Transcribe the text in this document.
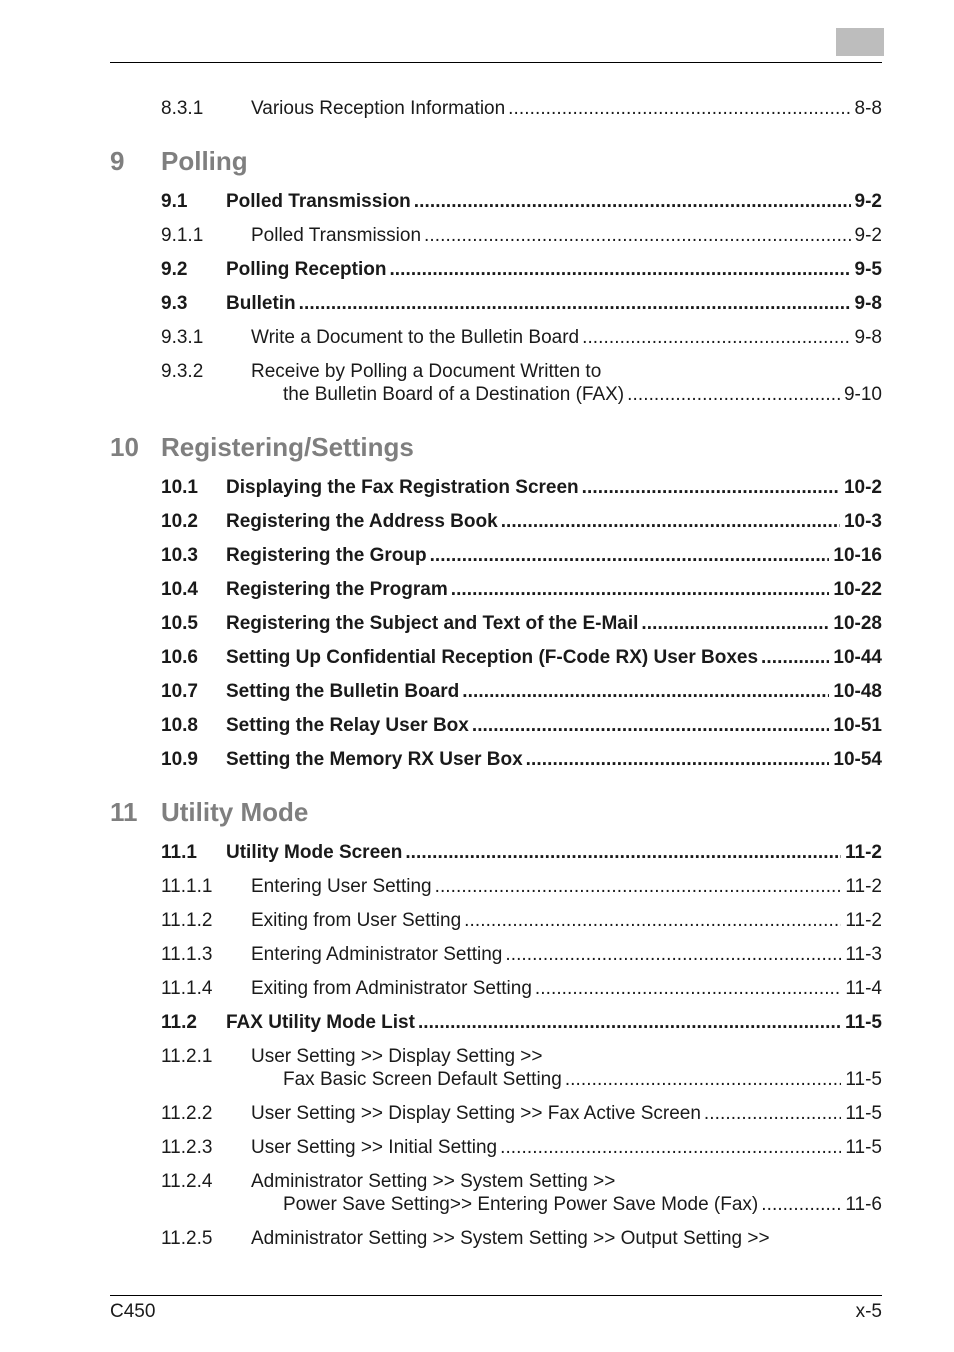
8.3.1	Various Reception Information . . .	8-8
9 Polling
9.1 Polled Transmission . . .	9-2
9.1.1	Polled Transmission . . .	9-2
9.2 Polling Reception . . .	9-5
9.3 Bulletin . . .	9-8
9.3.1	Write a Document to the Bulletin Board . . .	9-8
9.3.2	Receive by Polling a Document Written to
the Bulletin Board of a Destination (FAX) . . .	9-10
10 Registering/Settings
10.1 Displaying the Fax Registration Screen . . .	10-2
10.2 Registering the Address Book . . .	10-3
10.3 Registering the Group . . .	10-16
10.4 Registering the Program . . .	10-22
10.5 Registering the Subject and Text of the E-Mail . . .	10-28
10.6 Setting Up Confidential Reception (F-Code RX) User Boxes . . .	10-44
10.7 Setting the Bulletin Board . . .	10-48
10.8 Setting the Relay User Box . . .	10-51
10.9 Setting the Memory RX User Box . . .	10-54
11 Utility Mode
11.1 Utility Mode Screen . . .	11-2
11.1.1 Entering User Setting . . .	11-2
11.1.2 Exiting from User Setting . . .	11-2
11.1.3 Entering Administrator Setting . . .	11-3
11.1.4 Exiting from Administrator Setting . . .	11-4
11.2 FAX Utility Mode List . . .	11-5
11.2.1 User Setting >> Display Setting >>
Fax Basic Screen Default Setting . . .	11-5
11.2.2 User Setting >> Display Setting >> Fax Active Screen . . .	11-5
11.2.3 User Setting >> Initial Setting . . .	11-5
11.2.4 Administrator Setting >> System Setting >>
Power Save Setting>> Entering Power Save Mode (Fax) . . .	11-6
11.2.5 Administrator Setting >> System Setting >> Output Setting >>
C450	x-5
